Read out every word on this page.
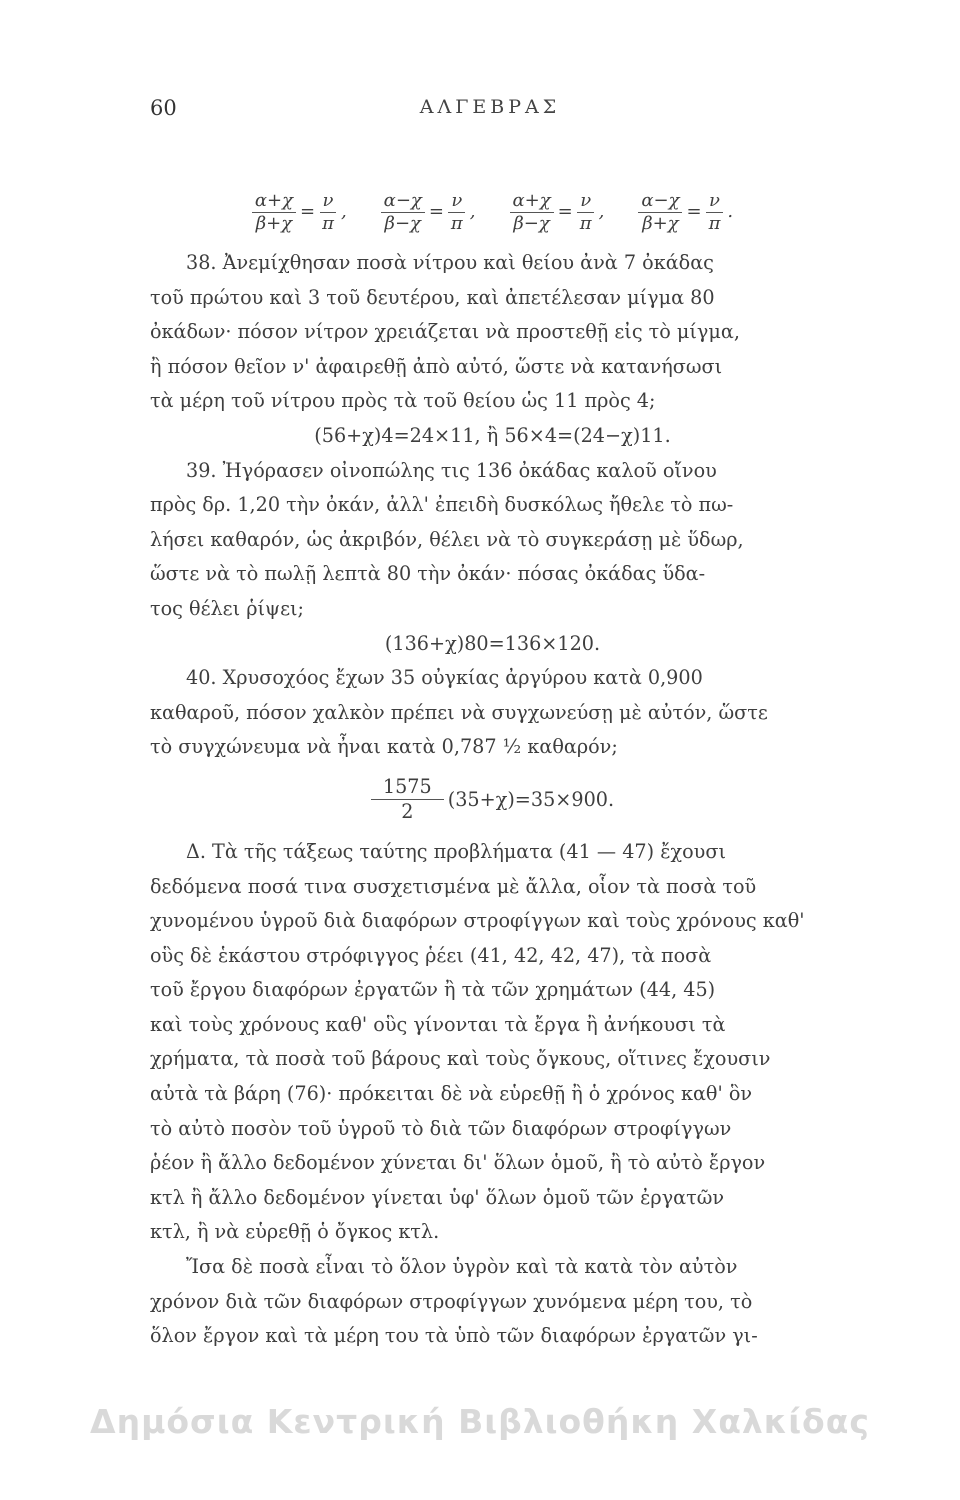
60	ΑΛΓΕΒΡΑΣ
$\frac{\alpha+\chi}{\beta+\chi} = \frac{\nu}{\pi}$ , $\frac{\alpha-\chi}{\beta-\chi} = \frac{\nu}{\pi}$ , $\frac{\alpha+\chi}{\beta-\chi} = \frac{\nu}{\pi}$ , $\frac{\alpha-\chi}{\beta+\chi} = \frac{\nu}{\pi}$ .
38. Ἀνεμίχθησαν ποσὰ νίτρου καὶ θείου ἀνὰ 7 ὀκάδας
τοῦ πρώτου καὶ 3 τοῦ δευτέρου, καὶ ἀπετέλεσαν μίγμα 80
ὀκάδων· πόσον νίτρον χρειάζεται νὰ προστεθῇ εἰς τὸ μίγμα,
ἢ πόσον θεῖον ν' ἀφαιρεθῇ ἀπὸ αὐτό, ὥστε νὰ κατανήσωσι
τὰ μέρη τοῦ νίτρου πρὸς τὰ τοῦ θείου ὡς 11 πρὸς 4;
(56+χ)4=24×11, ἢ 56×4=(24−χ)11.
39. Ἠγόρασεν οἰνοπώλης τις 136 ὀκάδας καλοῦ οἴνου
πρὸς δρ. 1,20 τὴν ὀκάν, ἀλλ' ἐπειδὴ δυσκόλως ἤθελε τὸ πω-
λήσει καθαρόν, ὡς ἀκριβόν, θέλει νὰ τὸ συγκεράσῃ μὲ ὕδωρ,
ὥστε νὰ τὸ πωλῇ λεπτὰ 80 τὴν ὀκάν· πόσας ὀκάδας ὕδα-
τος θέλει ῥίψει;
(136+χ)80=136×120.
40. Χρυσοχόος ἔχων 35 οὐγκίας ἀργύρου κατὰ 0,900
καθαροῦ, πόσον χαλκὸν πρέπει νὰ συγχωνεύσῃ μὲ αὐτόν, ὥστε
τὸ συγχώνευμα νὰ ἦναι κατὰ 0,787 ½ καθαρόν;
$\frac{1575}{2} (35+\chi)=35\times 900$.
Δ. Τὰ τῆς τάξεως ταύτης προβλήματα (41 — 47) ἔχουσι
δεδόμενα ποσά τινα συσχετισμένα μὲ ἄλλα, οἷον τὰ ποσὰ τοῦ
χυνομένου ὑγροῦ διὰ διαφόρων στροφίγγων καὶ τοὺς χρόνους καθ'
οὓς δὲ ἑκάστου στρόφιγγος ῥέει (41, 42, 42, 47), τὰ ποσὰ
τοῦ ἔργου διαφόρων ἐργατῶν ἢ τὰ τῶν χρημάτων (44, 45)
καὶ τοὺς χρόνους καθ' οὓς γίνονται τὰ ἔργα ἢ ἀνήκουσι τὰ
χρήματα, τὰ ποσὰ τοῦ βάρους καὶ τοὺς ὄγκους, οἵτινες ἔχουσιν
αὐτὰ τὰ βάρη (76)· πρόκειται δὲ νὰ εὑρεθῇ ἢ ὁ χρόνος καθ' ὃν
τὸ αὐτὸ ποσὸν τοῦ ὑγροῦ τὸ διὰ τῶν διαφόρων στροφίγγων
ῥέον ἢ ἄλλο δεδομένον χύνεται δι' ὅλων ὁμοῦ, ἢ τὸ αὐτὸ ἔργον
κτλ ἢ ἄλλο δεδομένον γίνεται ὑφ' ὅλων ὁμοῦ τῶν ἐργατῶν
κτλ, ἢ νὰ εὑρεθῇ ὁ ὄγκος κτλ.
Ἴσα δὲ ποσὰ εἶναι τὸ ὅλον ὑγρὸν καὶ τὰ κατὰ τὸν αὐτὸν
χρόνον διὰ τῶν διαφόρων στροφίγγων χυνόμενα μέρη του, τὸ
ὅλον ἔργον καὶ τὰ μέρη του τὰ ὑπὸ τῶν διαφόρων ἐργατῶν γι-
Δημόσια Κεντρική Βιβλιοθήκη Χαλκίδας
